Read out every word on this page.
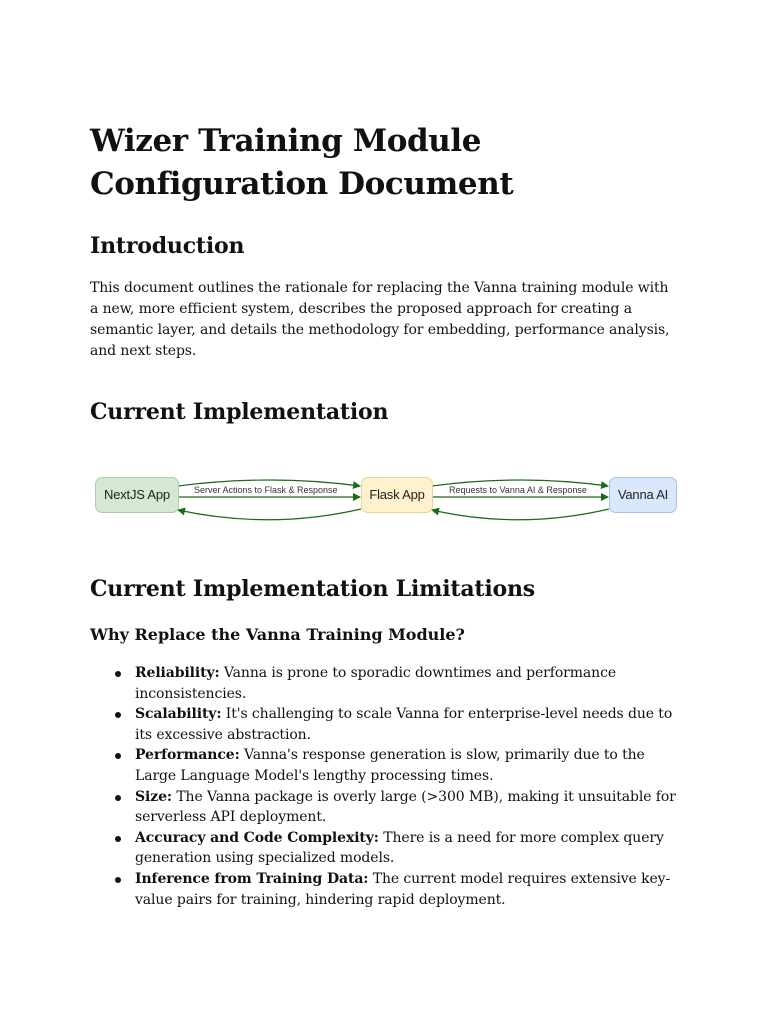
Wizer Training Module Configuration Document
Introduction

This document outlines the rationale for replacing the Vanna training module with a new, more efficient system, describes the proposed approach for creating a semantic layer, and details the methodology for embedding, performance analysis, and next steps.

Current Implementation
Server Actions to Flask & Response	Requests to Vanna AI & Response
NextJS App	Flask App	Vanna AI
Current Implementation Limitations
Why Replace the Vanna Training Module?
Reliability: Vanna is prone to sporadic downtimes and performance inconsistencies.
Scalability: It's challenging to scale Vanna for enterprise-level needs due to its excessive abstraction.
Performance: Vanna's response generation is slow, primarily due to the Large Language Model's lengthy processing times.
Size: The Vanna package is overly large (>300 MB), making it unsuitable for serverless API deployment.
Accuracy and Code Complexity: There is a need for more complex query generation using specialized models.
Inference from Training Data: The current model requires extensive key-value pairs for training, hindering rapid deployment.
